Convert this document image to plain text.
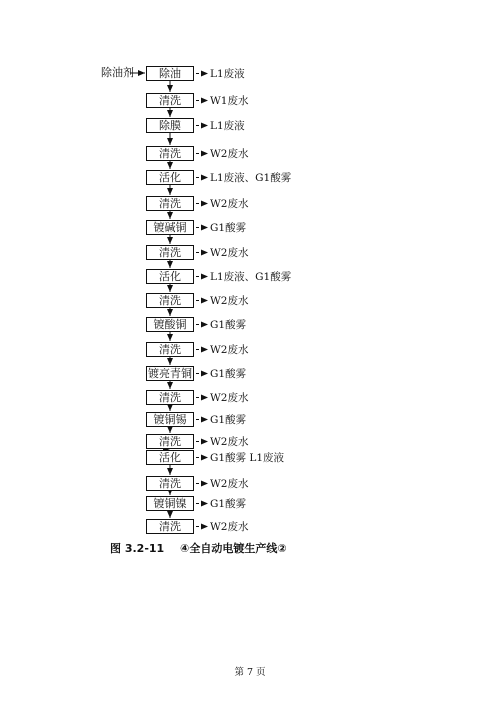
除油	L1废液
清洗	W1废水
除膜	L1废液
清洗	W2废水
活化	L1废液、G1酸雾
清洗	W2废水
镀碱铜	G1酸雾
清洗	W2废水
活化	L1废液、G1酸雾
清洗	W2废水
镀酸铜	G1酸雾
清洗	W2废水
镀亮青铜 G1酸雾
清洗	W2废水
镀铜锡	G1酸雾
清洗	W2废水
活化	G1酸雾 L1废液
清洗	W2废水
镀铜镍	G1酸雾
清洗	W2废水
除油剂
图 3.2-11 ④全自动电镀生产线②
第 7 页
